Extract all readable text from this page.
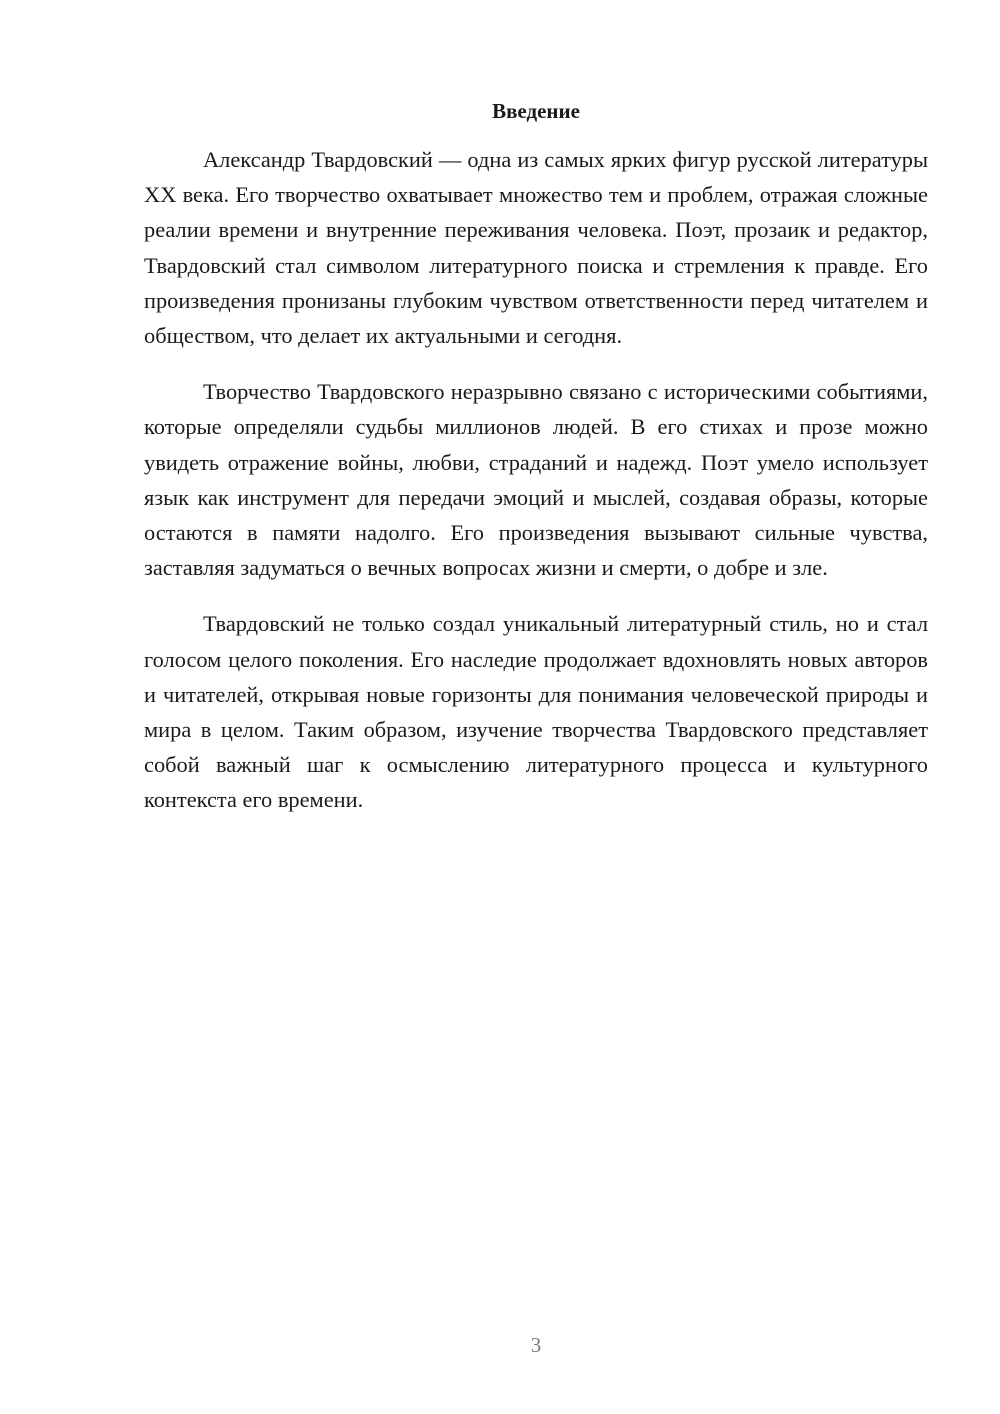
Введение

Александр Твардовский — одна из самых ярких фигур русской литературы XX века. Его творчество охватывает множество тем и проблем, отражая сложные реалии времени и внутренние переживания человека. Поэт, прозаик и редактор, Твардовский стал символом литературного поиска и стремления к правде. Его произведения пронизаны глубоким чувством ответственности перед читателем и обществом, что делает их актуальными и сегодня.

Творчество Твардовского неразрывно связано с историческими событиями, которые определяли судьбы миллионов людей. В его стихах и прозе можно увидеть отражение войны, любви, страданий и надежд. Поэт умело использует язык как инструмент для передачи эмоций и мыслей, создавая образы, которые остаются в памяти надолго. Его произведения вызывают сильные чувства, заставляя задуматься о вечных вопросах жизни и смерти, о добре и зле.

Твардовский не только создал уникальный литературный стиль, но и стал голосом целого поколения. Его наследие продолжает вдохновлять новых авторов и читателей, открывая новые горизонты для понимания человеческой природы и мира в целом. Таким образом, изучение творчества Твардовского представляет собой важный шаг к осмыслению литературного процесса и культурного контекста его времени.

3
